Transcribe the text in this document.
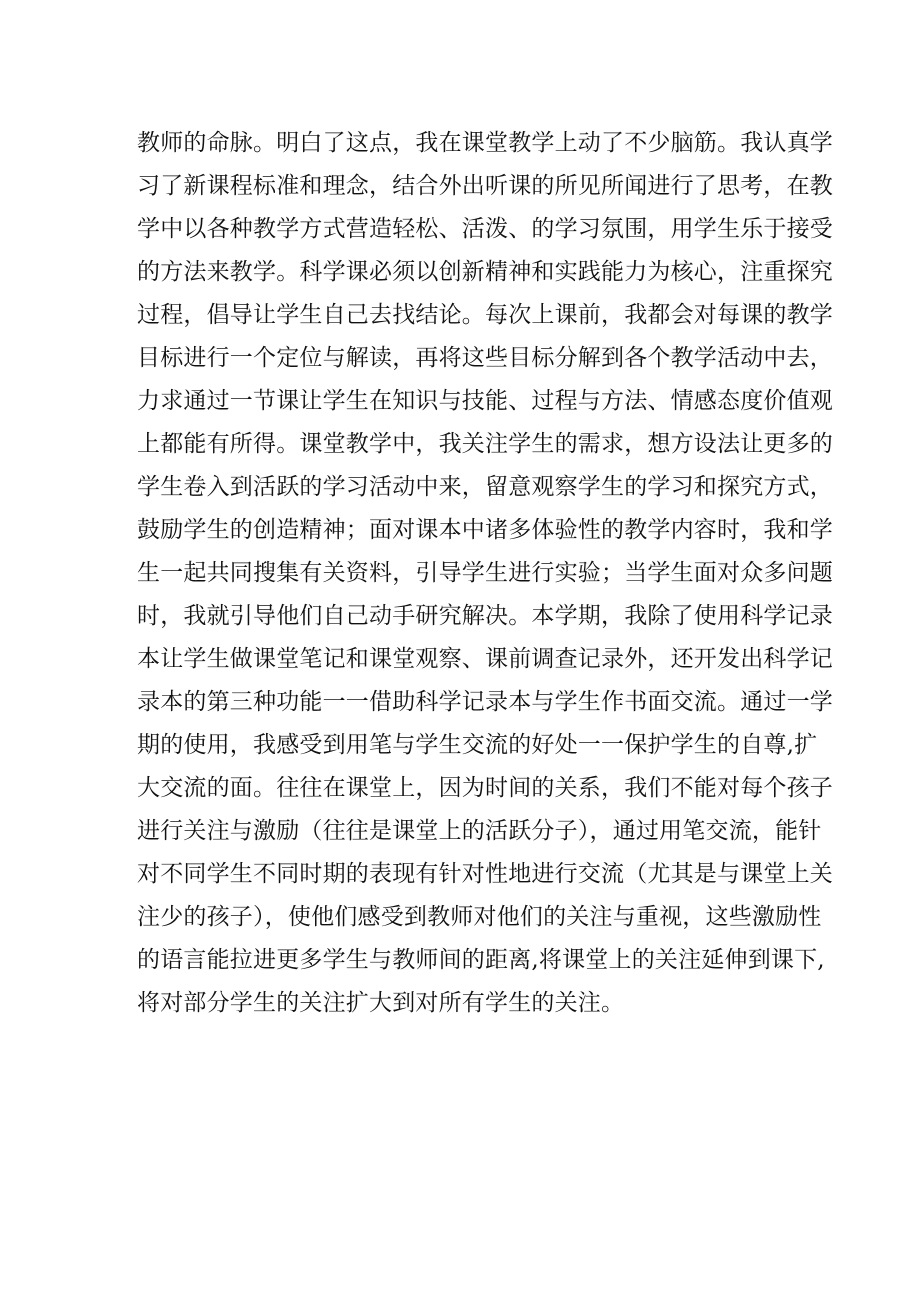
教师的命脉。明白了这点，我在课堂教学上动了不少脑筋。我认真学
习了新课程标准和理念，结合外出听课的所见所闻进行了思考，在教
学中以各种教学方式营造轻松、活泼、的学习氛围，用学生乐于接受
的方法来教学。科学课必须以创新精神和实践能力为核心，注重探究
过程，倡导让学生自己去找结论。每次上课前，我都会对每课的教学
目标进行一个定位与解读，再将这些目标分解到各个教学活动中去，
力求通过一节课让学生在知识与技能、过程与方法、情感态度价值观
上都能有所得。课堂教学中，我关注学生的需求，想方设法让更多的
学生卷入到活跃的学习活动中来，留意观察学生的学习和探究方式，
鼓励学生的创造精神；面对课本中诸多体验性的教学内容时，我和学
生一起共同搜集有关资料，引导学生进行实验；当学生面对众多问题
时，我就引导他们自己动手研究解决。本学期，我除了使用科学记录
本让学生做课堂笔记和课堂观察、课前调查记录外，还开发出科学记
录本的第三种功能一一借助科学记录本与学生作书面交流。通过一学
期的使用，我感受到用笔与学生交流的好处一一保护学生的自尊,扩
大交流的面。往往在课堂上，因为时间的关系，我们不能对每个孩子
进行关注与激励（往往是课堂上的活跃分子），通过用笔交流，能针
对不同学生不同时期的表现有针对性地进行交流（尤其是与课堂上关
注少的孩子），使他们感受到教师对他们的关注与重视，这些激励性
的语言能拉进更多学生与教师间的距离,将课堂上的关注延伸到课下,
将对部分学生的关注扩大到对所有学生的关注。
